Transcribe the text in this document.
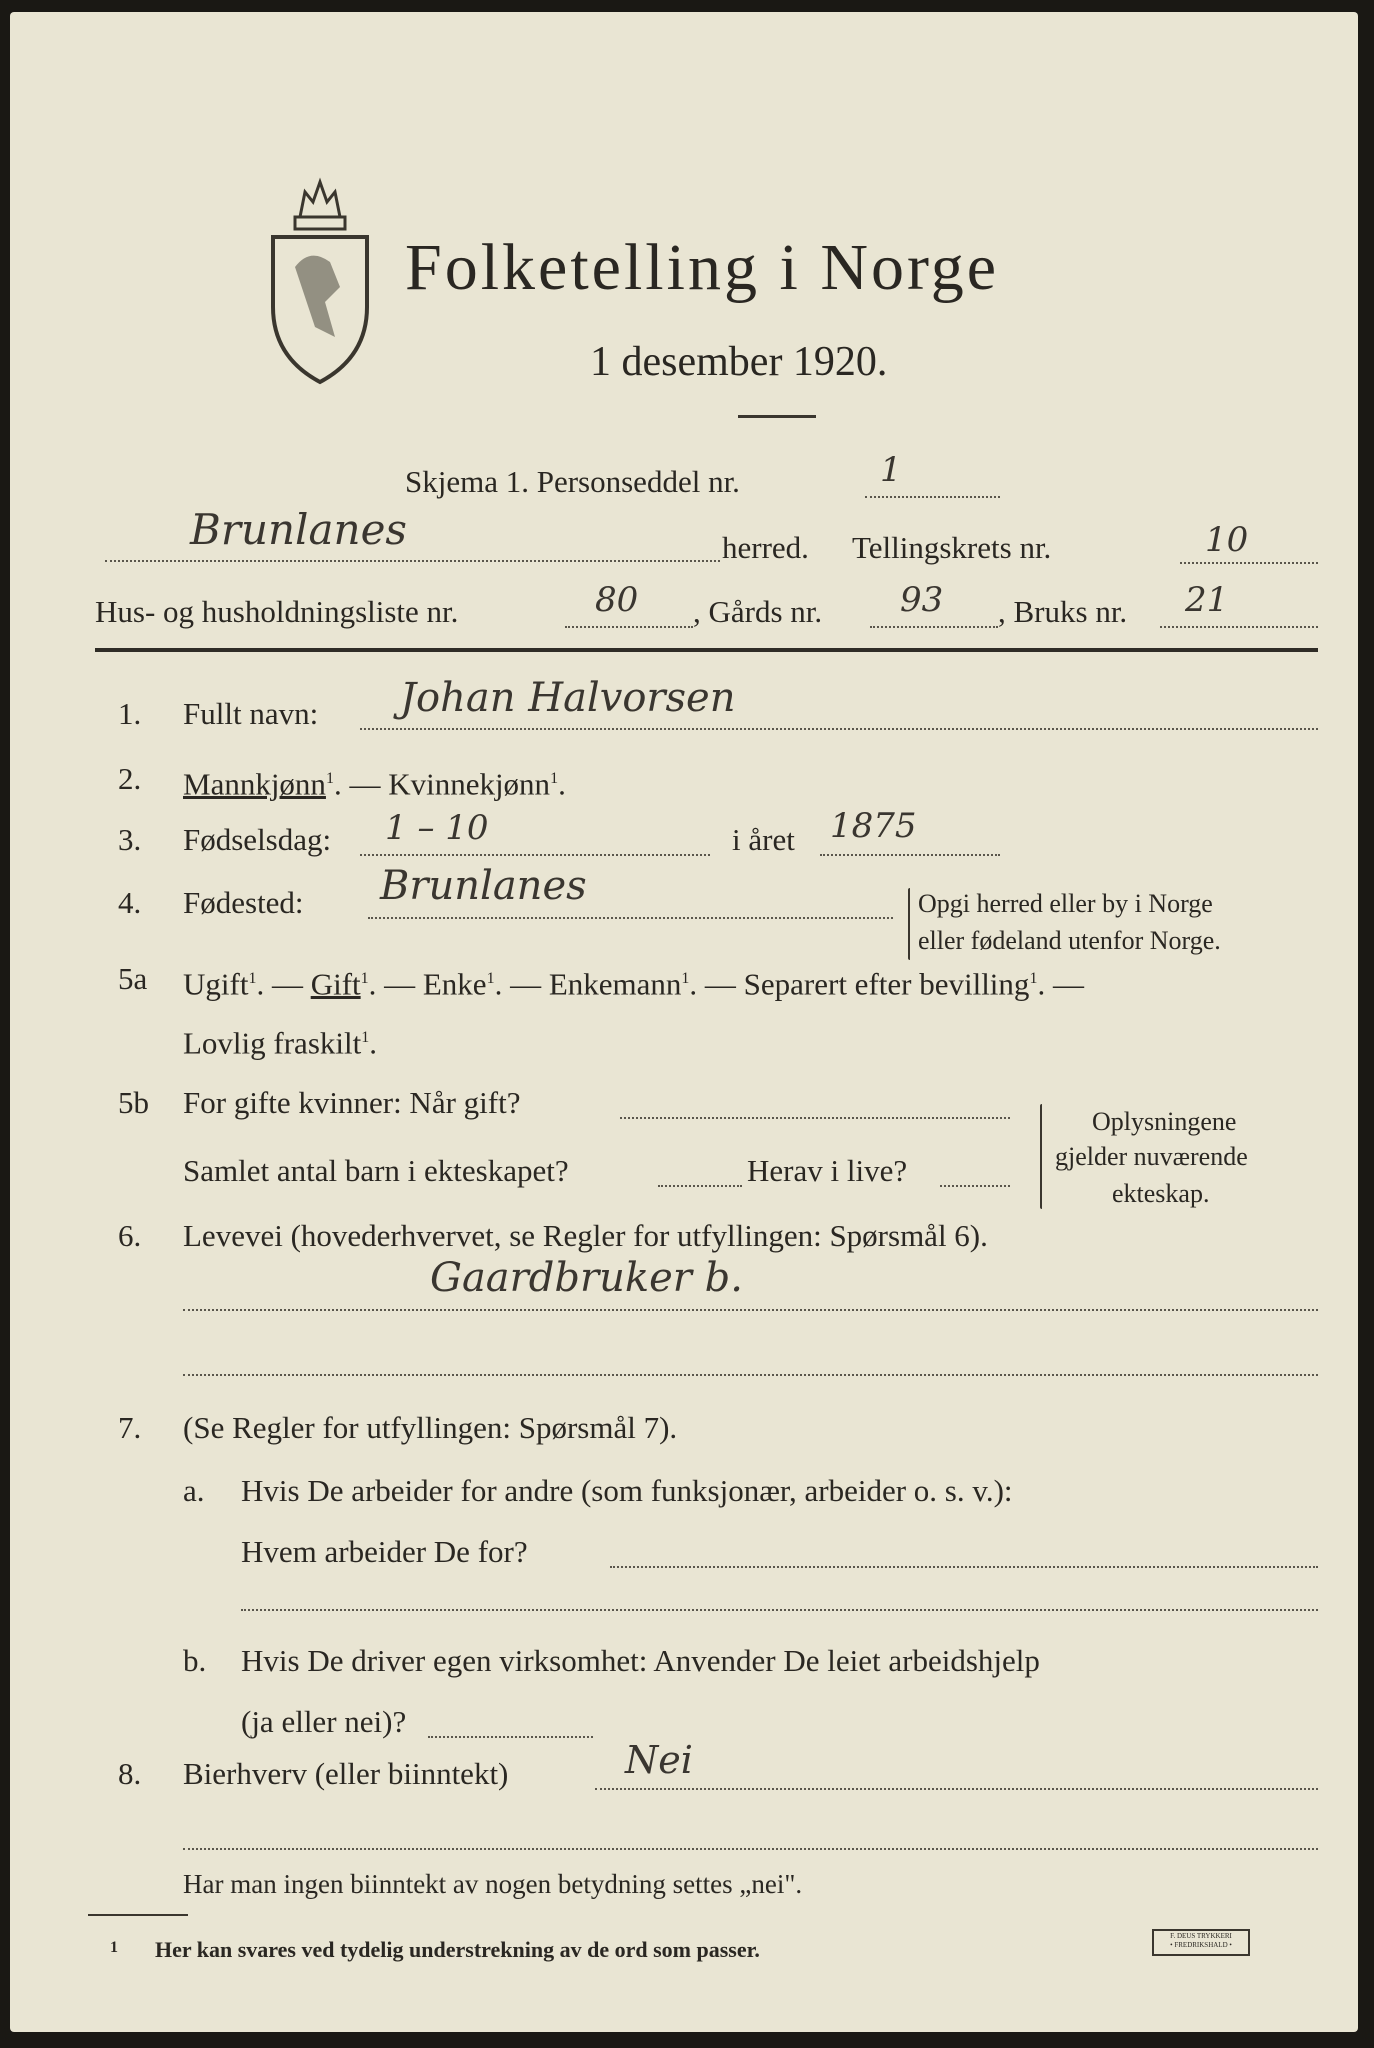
Folketelling i Norge
1 desember 1920.
Skjema 1. Personseddel nr.	1
Brunlanes	herred. Tellingskrets nr.	10
Hus- og husholdningsliste nr.	80 , Gårds nr. 93 , Bruks nr. 21
1. Fullt navn: Johan Halvorsen
2. Mannkjønn$^1$. — Kvinnekjønn$^1$.
3. Fødselsdag: 1 – 10	i året 1875
4. Fødested: Brunlanes	Opgi herred eller by i Norge
eller fødeland utenfor Norge.
5a Ugift$^1$. — Gift$^1$. — Enke$^1$. — Enkemann$^1$. — Separert efter bevilling$^1$. —
Lovlig fraskilt$^1$.
5b For gifte kvinner: Når gift?
Samlet antal barn i ekteskapet?	Herav i live?
Oplysningene
gjelder nuværende
ekteskap.
6. Levevei (hovederhvervet, se Regler for utfyllingen: Spørsmål 6).
Gaardbruker b.
7. (Se Regler for utfyllingen: Spørsmål 7).
a. Hvis De arbeider for andre (som funksjonær, arbeider o. s. v.):
Hvem arbeider De for?
b. Hvis De driver egen virksomhet: Anvender De leiet arbeidshjelp
(ja eller nei)?
8. Bierhverv (eller biinntekt)	Nei
Har man ingen biinntekt av nogen betydning settes „nei".
1 Her kan svares ved tydelig understrekning av de ord som passer.
F. DEUS TRYKKERI
• FREDRIKSHALD •
